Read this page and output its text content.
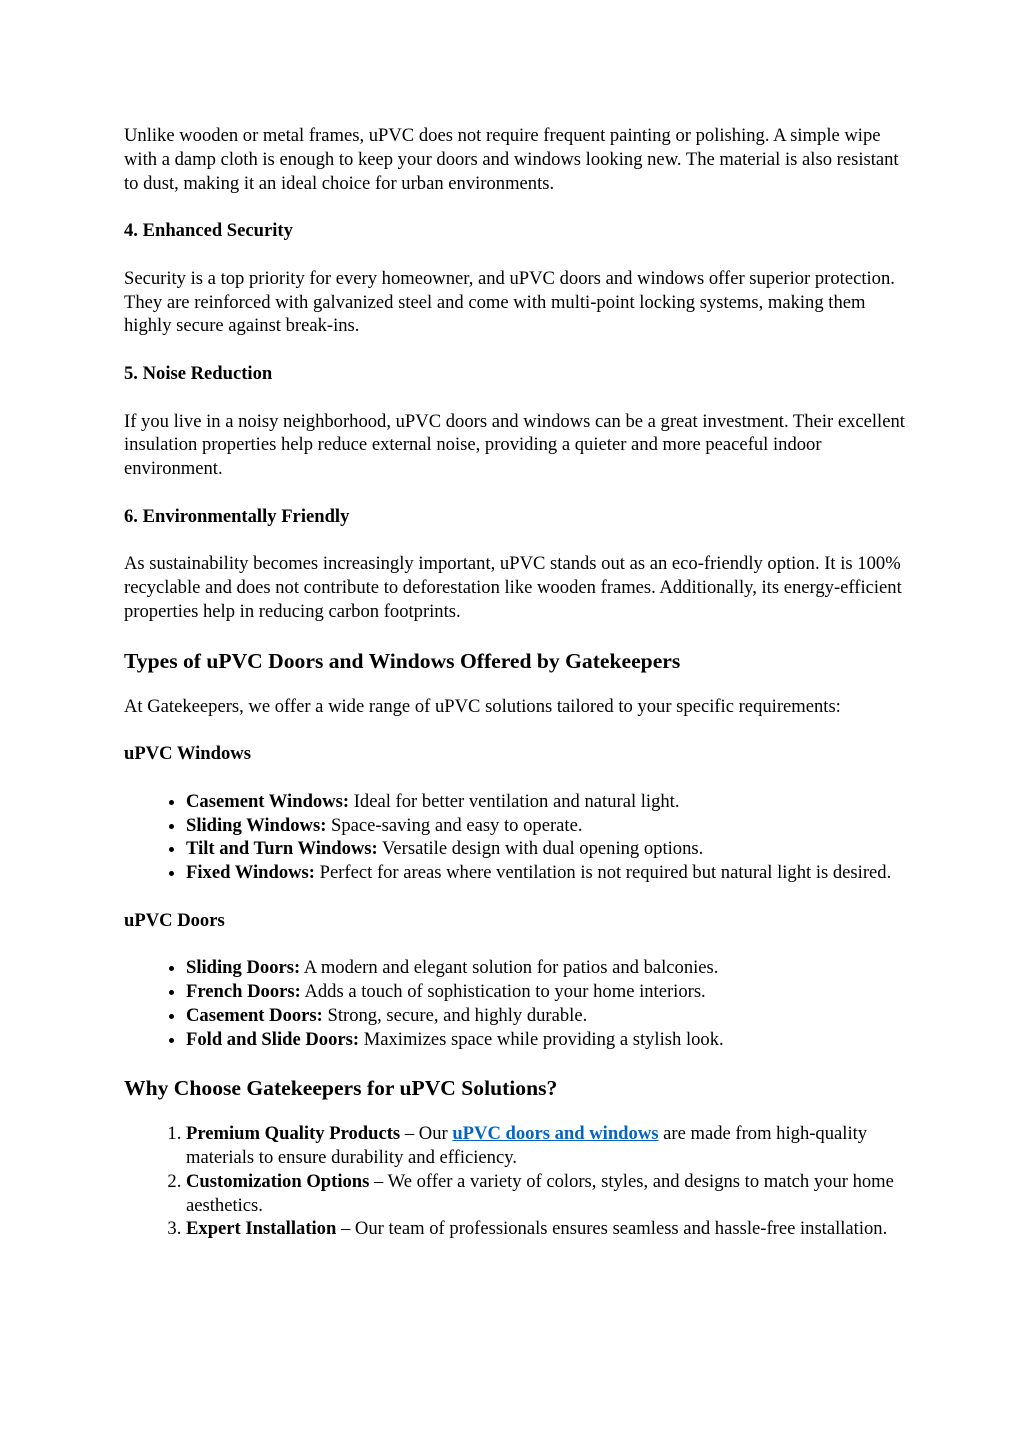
Unlike wooden or metal frames, uPVC does not require frequent painting or polishing. A simple wipe with a damp cloth is enough to keep your doors and windows looking new. The material is also resistant to dust, making it an ideal choice for urban environments.

4. Enhanced Security

Security is a top priority for every homeowner, and uPVC doors and windows offer superior protection. They are reinforced with galvanized steel and come with multi-point locking systems, making them highly secure against break-ins.

5. Noise Reduction

If you live in a noisy neighborhood, uPVC doors and windows can be a great investment. Their excellent insulation properties help reduce external noise, providing a quieter and more peaceful indoor environment.

6. Environmentally Friendly

As sustainability becomes increasingly important, uPVC stands out as an eco-friendly option. It is 100% recyclable and does not contribute to deforestation like wooden frames. Additionally, its energy-efficient properties help in reducing carbon footprints.

Types of uPVC Doors and Windows Offered by Gatekeepers

At Gatekeepers, we offer a wide range of uPVC solutions tailored to your specific requirements:

uPVC Windows

• Casement Windows: Ideal for better ventilation and natural light.
• Sliding Windows: Space-saving and easy to operate.
• Tilt and Turn Windows: Versatile design with dual opening options.
• Fixed Windows: Perfect for areas where ventilation is not required but natural light is desired.

uPVC Doors

• Sliding Doors: A modern and elegant solution for patios and balconies.
• French Doors: Adds a touch of sophistication to your home interiors.
• Casement Doors: Strong, secure, and highly durable.
• Fold and Slide Doors: Maximizes space while providing a stylish look.
Why Choose Gatekeepers for uPVC Solutions?
1. Premium Quality Products – Our uPVC doors and windows are made from high-quality materials to ensure durability and efficiency.
2. Customization Options – We offer a variety of colors, styles, and designs to match your home aesthetics.
3. Expert Installation – Our team of professionals ensures seamless and hassle-free installation.
